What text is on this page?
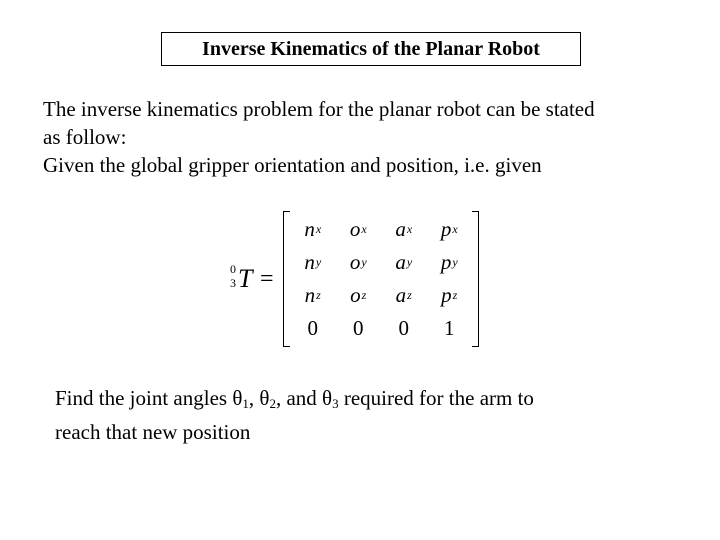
Inverse Kinematics of the Planar Robot
The inverse kinematics problem for the planar robot can be stated
as follow:
Given the global gripper orientation and position, i.e. given
0
3 T =
n x o x a x p x
n y o y a y p y
n z o z a z p z
0 0 0 1
Find the joint angles $\theta_1$, $\theta_2$, and $\theta_3$ required for the arm to
reach that new position
